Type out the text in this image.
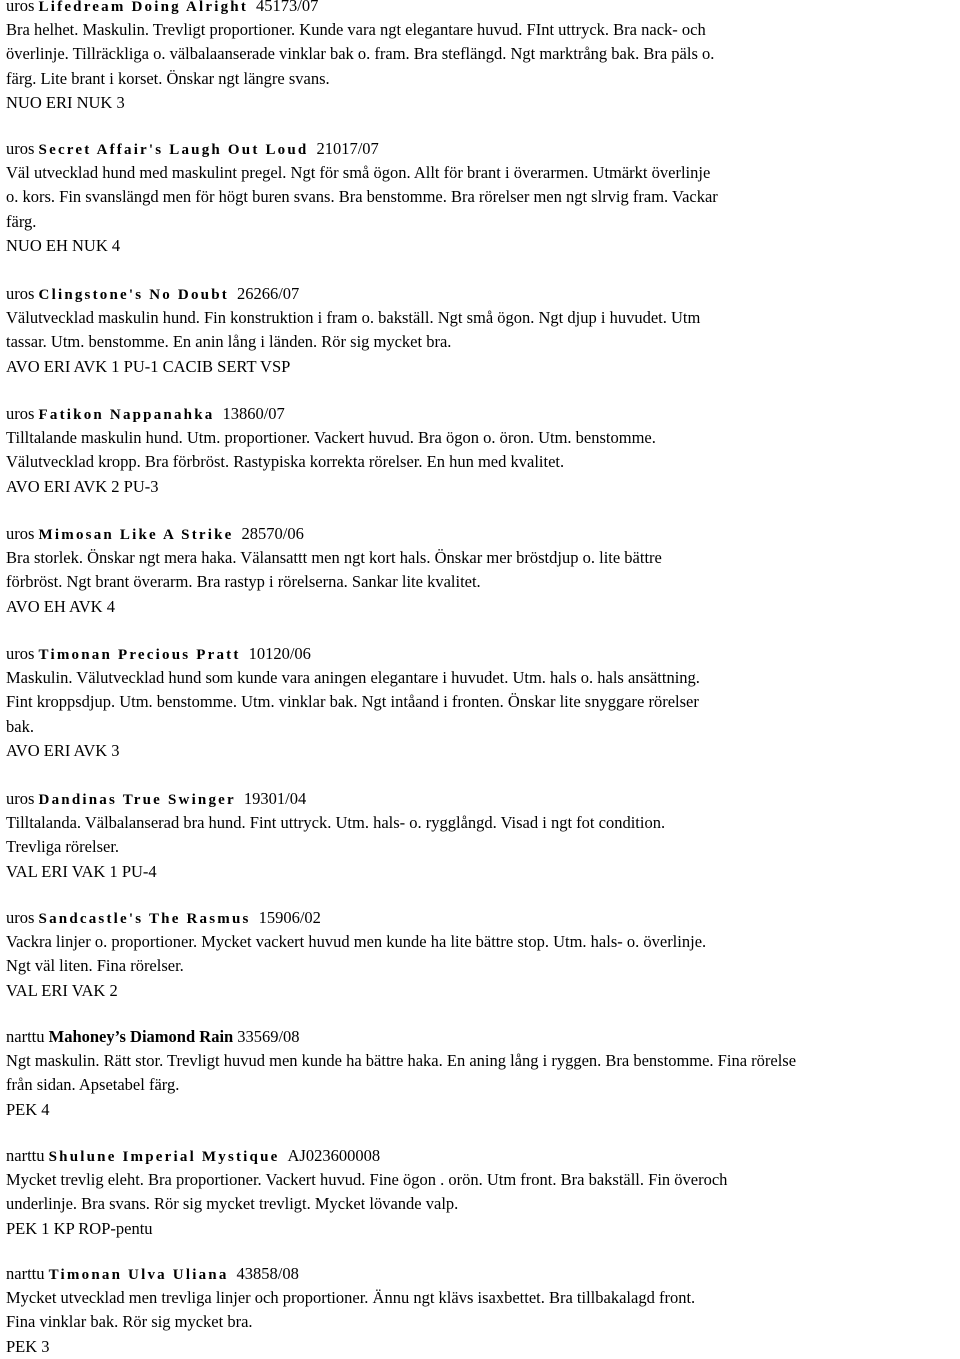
uros Lifedream Doing Alright 45173/07
Bra helhet. Maskulin. Trevligt proportioner. Kunde vara ngt elegantare huvud. FInt uttryck. Bra nack- och
överlinje. Tillräckliga o. välbalaanserade vinklar bak o. fram. Bra steflängd. Ngt marktrång bak. Bra päls o.
färg. Lite brant i korset. Önskar ngt längre svans.
NUO ERI NUK 3
uros Secret Affair's Laugh Out Loud 21017/07
Väl utvecklad hund med maskulint pregel. Ngt för små ögon. Allt för brant i överarmen. Utmärkt överlinje
o. kors. Fin svanslängd men för högt buren svans. Bra benstomme. Bra rörelser men ngt slrvig fram. Vackar
färg.
NUO EH NUK 4
uros Clingstone's No Doubt 26266/07
Välutvecklad maskulin hund. Fin konstruktion i fram o. bakställ. Ngt små ögon. Ngt djup i huvudet. Utm
tassar. Utm. benstomme. En anin lång i länden. Rör sig mycket bra.
AVO ERI AVK 1 PU-1 CACIB SERT VSP
uros Fatikon Nappanahka 13860/07
Tilltalande maskulin hund. Utm. proportioner. Vackert huvud. Bra ögon o. öron. Utm. benstomme.
Välutvecklad kropp. Bra förbröst. Rastypiska korrekta rörelser. En hun med kvalitet.
AVO ERI AVK 2 PU-3
uros Mimosan Like A Strike 28570/06
Bra storlek. Önskar ngt mera haka. Välansattt men ngt kort hals. Önskar mer bröstdjup o. lite bättre
förbröst. Ngt brant överarm. Bra rastyp i rörelserna. Sankar lite kvalitet.
AVO EH AVK 4
uros Timonan Precious Pratt 10120/06
Maskulin. Välutvecklad hund som kunde vara aningen elegantare i huvudet. Utm. hals o. hals ansättning.
Fint kroppsdjup. Utm. benstomme. Utm. vinklar bak. Ngt intåand i fronten. Önskar lite snyggare rörelser
bak.
AVO ERI AVK 3
uros Dandinas True Swinger 19301/04
Tilltalanda. Välbalanserad bra hund. Fint uttryck. Utm. hals- o. rygglångd. Visad i ngt fot condition.
Trevliga rörelser.
VAL ERI VAK 1 PU-4
uros Sandcastle's The Rasmus 15906/02
Vackra linjer o. proportioner. Mycket vackert huvud men kunde ha lite bättre stop. Utm. hals- o. överlinje.
Ngt väl liten. Fina rörelser.
VAL ERI VAK 2
narttu Mahoney’s Diamond Rain 33569/08
Ngt maskulin. Rätt stor. Trevligt huvud men kunde ha bättre haka. En aning lång i ryggen. Bra benstomme. Fina rörelse
från sidan. Apsetabel färg.
PEK 4
narttu Shulune Imperial Mystique AJ023600008
Mycket trevlig eleht. Bra proportioner. Vackert huvud. Fine ögon . orön. Utm front. Bra bakställ. Fin överoch
underlinje. Bra svans. Rör sig mycket trevligt. Mycket lövande valp.
PEK 1 KP ROP-pentu
narttu Timonan Ulva Uliana 43858/08
Mycket utvecklad men trevliga linjer och proportioner. Ännu ngt klävs isaxbettet. Bra tillbakalagd front.
Fina vinklar bak. Rör sig mycket bra.
PEK 3
